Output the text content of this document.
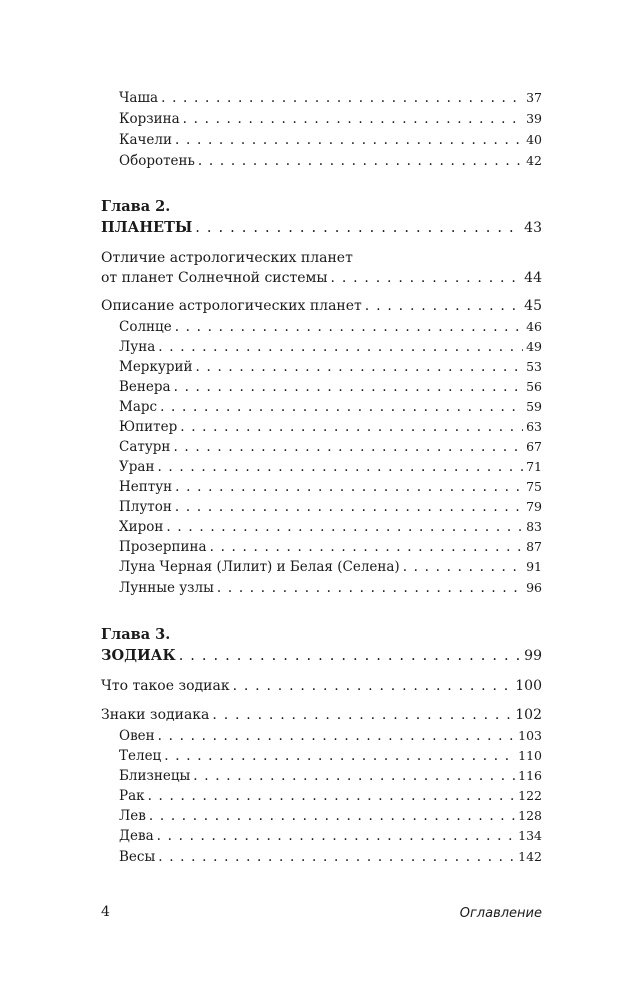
Чаша . . .	37
Корзина . . .	39
Качели . . .	40
Оборотень . . .	42
Глава 2.
ПЛАНЕТЫ . . .	43
Отличие астрологических планет
от планет Солнечной системы . . .	44
Описание астрологических планет . . .	45
Солнце . . .	46
Луна . . .	49
Меркурий . . .	53
Венера . . .	56
Марс . . .	59
Юпитер . . .	63
Сатурн . . .	67
Уран . . .	71
Нептун . . .	75
Плутон . . .	79
Хирон . . .	83
Прозерпина . . .	87
Луна Черная (Лилит) и Белая (Селена) . . .	91
Лунные узлы . . .	96
Глава 3.
ЗОДИАК . . .	99
Что такое зодиак . . .	100
Знаки зодиака . . .	102
Овен . . .	103
Телец . . .	110
Близнецы . . .	116
Рак . . .	122
Лев . . .	128
Дева . . .	134
Весы . . .	142
4	Оглавление
